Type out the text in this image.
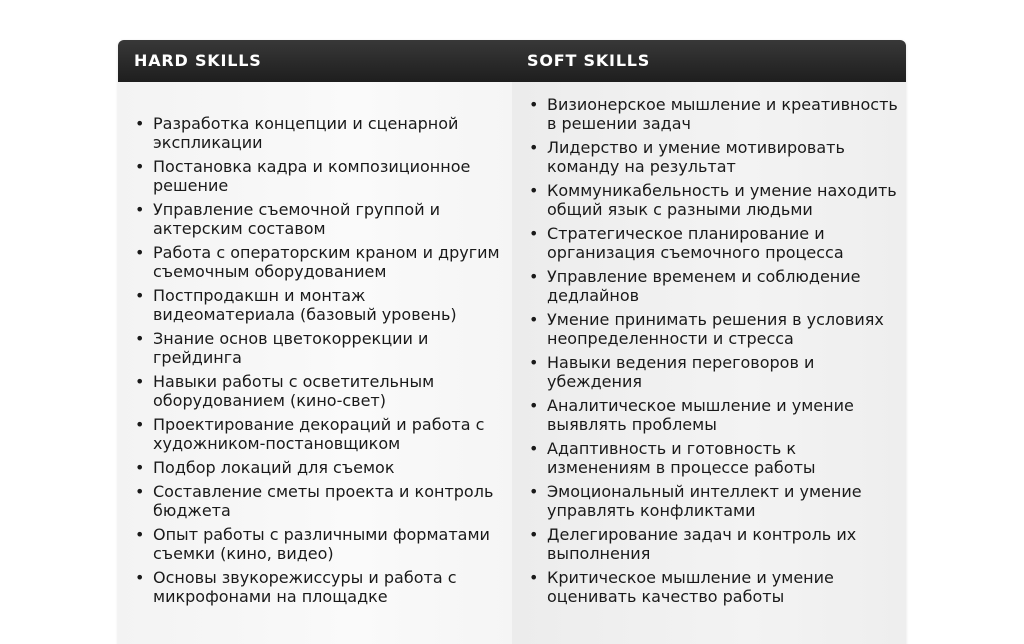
HARD SKILLS	SOFT SKILLS
• Разработка концепции и сценарной экспликации
• Постановка кадра и композиционное решение
• Управление съемочной группой и актерским составом
• Работа с операторским краном и другим съемочным оборудованием
• Постпродакшн и монтаж видеоматериала (базовый уровень)
• Знание основ цветокоррекции и грейдинга
• Навыки работы с осветительным оборудованием (кино-свет)
• Проектирование декораций и работа с художником-постановщиком
• Подбор локаций для съемок
• Составление сметы проекта и контроль бюджета
• Опыт работы с различными форматами съемки (кино, видео)
• Основы звукорежиссуры и работа с микрофонами на площадке
• Визионерское мышление и креативность в решении задач
• Лидерство и умение мотивировать команду на результат
• Коммуникабельность и умение находить общий язык с разными людьми
• Стратегическое планирование и организация съемочного процесса
• Управление временем и соблюдение дедлайнов
• Умение принимать решения в условиях неопределенности и стресса
• Навыки ведения переговоров и убеждения
• Аналитическое мышление и умение выявлять проблемы
• Адаптивность и готовность к изменениям в процессе работы
• Эмоциональный интеллект и умение управлять конфликтами
• Делегирование задач и контроль их выполнения
• Критическое мышление и умение оценивать качество работы
